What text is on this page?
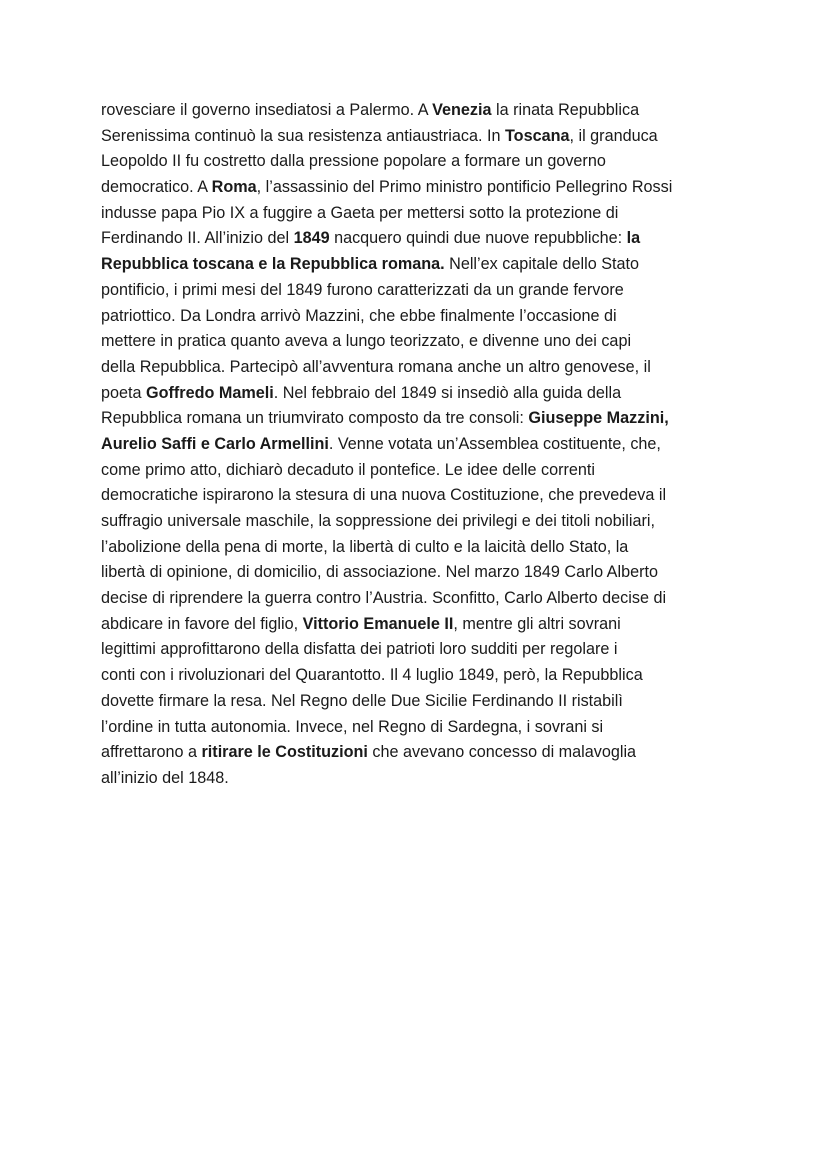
rovesciare il governo insediatosi a Palermo. A Venezia la rinata Repubblica
Serenissima continuò la sua resistenza antiaustriaca. In Toscana, il granduca
Leopoldo II fu costretto dalla pressione popolare a formare un governo
democratico. A Roma, l’assassinio del Primo ministro pontificio Pellegrino Rossi
indusse papa Pio IX a fuggire a Gaeta per mettersi sotto la protezione di
Ferdinando II. All’inizio del 1849 nacquero quindi due nuove repubbliche: la
Repubblica toscana e la Repubblica romana. Nell’ex capitale dello Stato
pontificio, i primi mesi del 1849 furono caratterizzati da un grande fervore
patriottico. Da Londra arrivò Mazzini, che ebbe finalmente l’occasione di
mettere in pratica quanto aveva a lungo teorizzato, e divenne uno dei capi
della Repubblica. Partecipò all’avventura romana anche un altro genovese, il
poeta Goffredo Mameli. Nel febbraio del 1849 si insediò alla guida della
Repubblica romana un triumvirato composto da tre consoli: Giuseppe Mazzini,
Aurelio Saffi e Carlo Armellini. Venne votata un’Assemblea costituente, che,
come primo atto, dichiarò decaduto il pontefice. Le idee delle correnti
democratiche ispirarono la stesura di una nuova Costituzione, che prevedeva il
suffragio universale maschile, la soppressione dei privilegi e dei titoli nobiliari,
l’abolizione della pena di morte, la libertà di culto e la laicità dello Stato, la
libertà di opinione, di domicilio, di associazione. Nel marzo 1849 Carlo Alberto
decise di riprendere la guerra contro l’Austria. Sconfitto, Carlo Alberto decise di
abdicare in favore del figlio, Vittorio Emanuele II, mentre gli altri sovrani
legittimi approfittarono della disfatta dei patrioti loro sudditi per regolare i
conti con i rivoluzionari del Quarantotto. Il 4 luglio 1849, però, la Repubblica
dovette firmare la resa. Nel Regno delle Due Sicilie Ferdinando II ristabilì
l’ordine in tutta autonomia. Invece, nel Regno di Sardegna, i sovrani si
affrettarono a ritirare le Costituzioni che avevano concesso di malavoglia
all’inizio del 1848.
